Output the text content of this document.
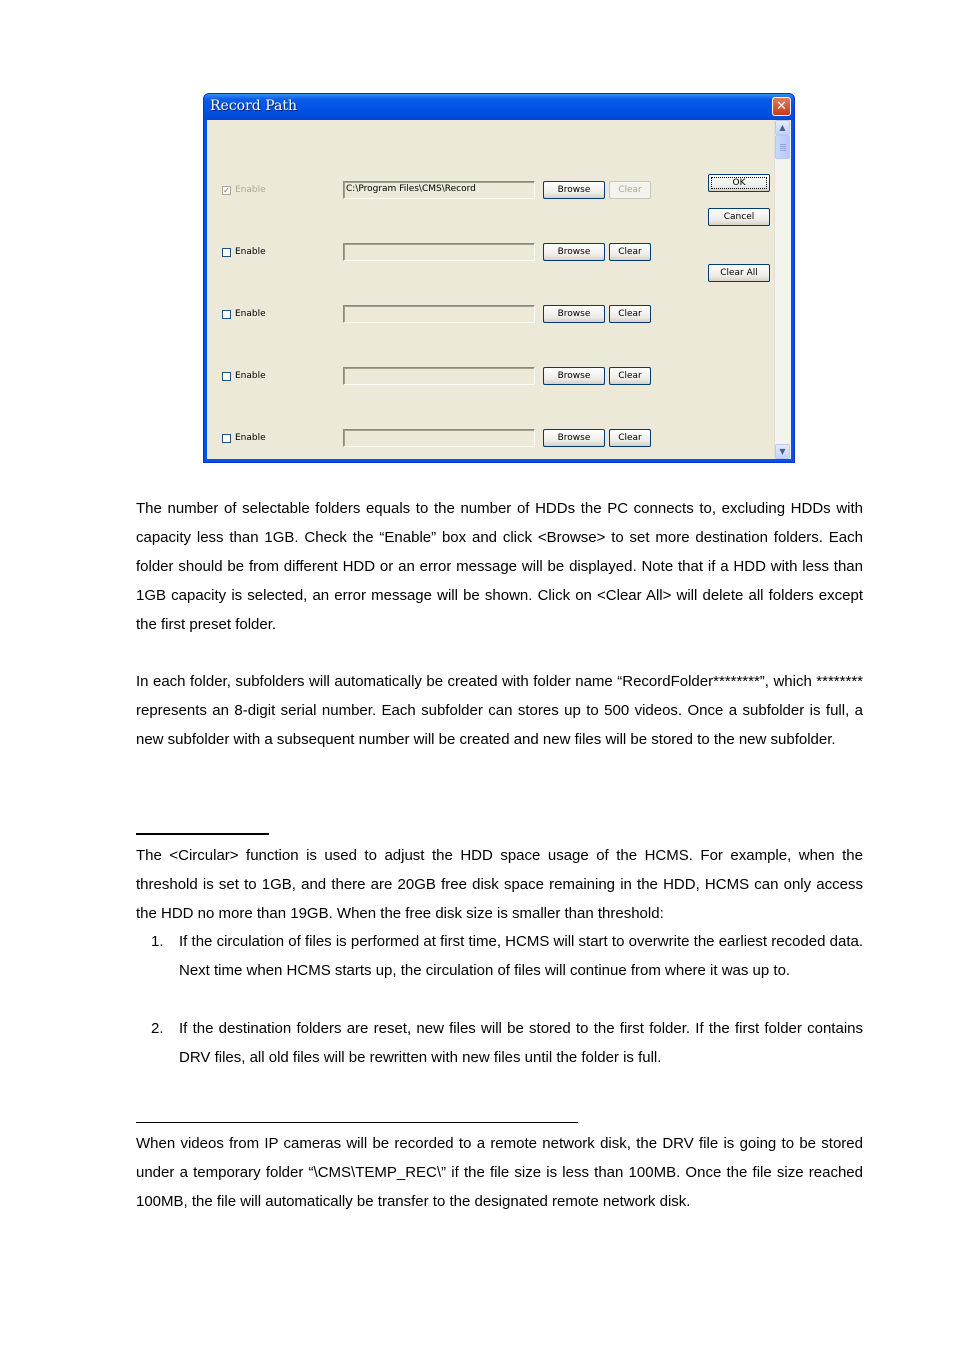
Record Path	✕
✓ Enable	C:\Program Files\CMS\Record	Browse	Clear
Enable	Browse	Clear
Enable	Browse	Clear
Enable	Browse	Clear
Enable	Browse	Clear
OK
Cancel
Clear All
▲
▼

The number of selectable folders equals to the number of HDDs the PC connects to, excluding HDDs with capacity less than 1GB. Check the “Enable” box and click <Browse> to set more destination folders. Each folder should be from different HDD or an error message will be displayed. Note that if a HDD with less than 1GB capacity is selected, an error message will be shown. Click on <Clear All> will delete all folders except the first preset folder.

In each folder, subfolders will automatically be created with folder name “RecordFolder********”, which ******** represents an 8-digit serial number. Each subfolder can stores up to 500 videos. Once a subfolder is full, a new subfolder with a subsequent number will be created and new files will be stored to the new subfolder.

The <Circular> function is used to adjust the HDD space usage of the HCMS. For example, when the threshold is set to 1GB, and there are 20GB free disk space remaining in the HDD, HCMS can only access the HDD no more than 19GB. When the free disk size is smaller than threshold:

1. If the circulation of files is performed at first time, HCMS will start to overwrite the earliest recoded data. Next time when HCMS starts up, the circulation of files will continue from where it was up to.

2. If the destination folders are reset, new files will be stored to the first folder. If the first folder contains DRV files, all old files will be rewritten with new files until the folder is full.

When videos from IP cameras will be recorded to a remote network disk, the DRV file is going to be stored under a temporary folder “\CMS\TEMP_REC\” if the file size is less than 100MB. Once the file size reached 100MB, the file will automatically be transfer to the designated remote network disk.
